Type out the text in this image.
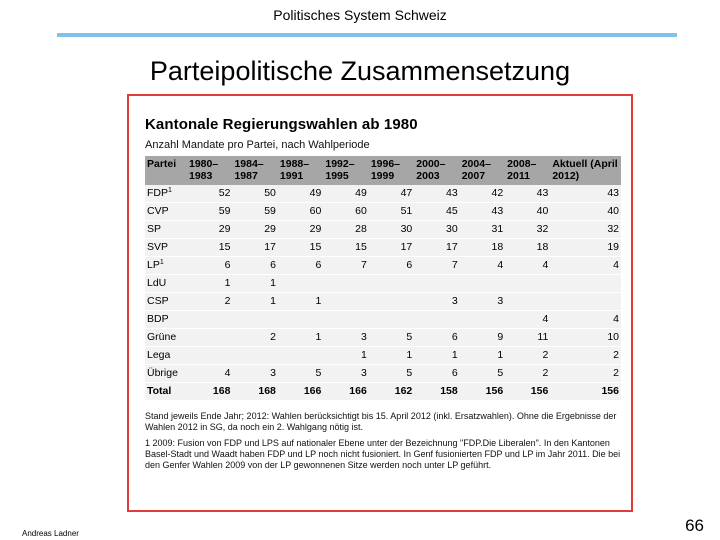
Politisches System Schweiz
Parteipolitische Zusammensetzung
Kantonale Regierungswahlen ab 1980
Anzahl Mandate pro Partei, nach Wahlperiode
Partei	1980–1983	1984–1987	1988–1991	1992–1995	1996–1999	2000–2003	2004–2007	2008–2011	Aktuell (April 2012)
FDP$^1$	52	50	49	49	47	43	42	43	43
CVP	59	59	60	60	51	45	43	40	40
SP	29	29	29	28	30	30	31	32	32
SVP	15	17	15	15	17	17	18	18	19
$LP^1$	6	6	6	7	6	7	4	4	4
LdU	1	1							
CSP	2	1	1			3	3		
BDP								4	4
Grüne		2	1	3	5	6	9	11	10
Lega				1	1	1	1	2	2
Übrige	4	3	5	3	5	6	5	2	2
Total	168	168	166	166	162	158	156	156	156

Stand jeweils Ende Jahr; 2012: Wahlen berücksichtigt bis 15. April 2012 (inkl. Ersatzwahlen). Ohne die Ergebnisse der Wahlen 2012 in SG, da noch ein 2. Wahlgang nötig ist.

1 2009: Fusion von FDP und LPS auf nationaler Ebene unter der Bezeichnung "FDP.Die Liberalen". In den Kantonen Basel-Stadt und Waadt haben FDP und LP noch nicht fusioniert. In Genf fusionierten FDP und LP im Jahr 2011. Die bei den Genfer Wahlen 2009 von der LP gewonnenen Sitze werden noch unter LP geführt.

Andreas Ladner	66
